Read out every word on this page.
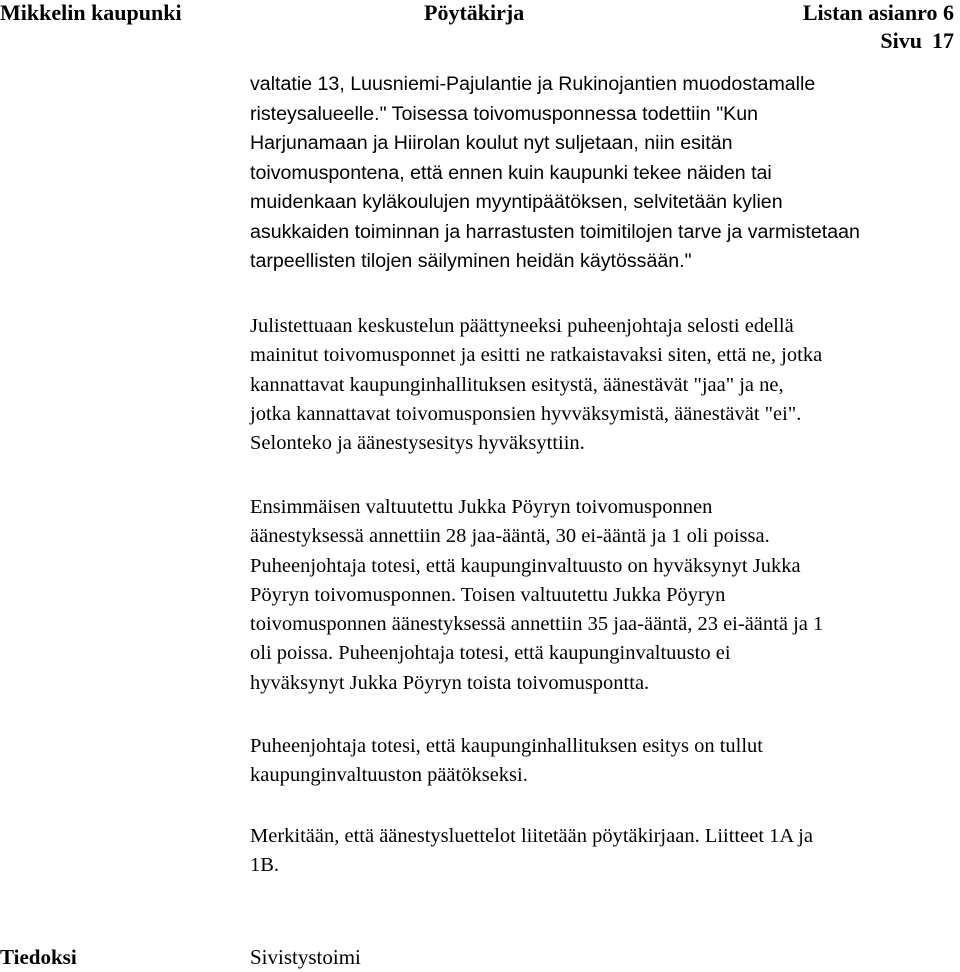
Mikkelin kaupunki	Pöytäkirja	Listan asianro 6
Sivu 17
valtatie 13, Luusniemi-Pajulantie ja Rukinojantien muodostamalle
risteysalueelle." Toisessa toivomusponnessa todettiin "Kun
Harjunamaan ja Hiirolan koulut nyt suljetaan, niin esitän
toivomuspontena, että ennen kuin kaupunki tekee näiden tai
muidenkaan kyläkoulujen myyntipäätöksen, selvitetään kylien
asukkaiden toiminnan ja harrastusten toimitilojen tarve ja varmistetaan
tarpeellisten tilojen säilyminen heidän käytössään."
Julistettuaan keskustelun päättyneeksi puheenjohtaja selosti edellä
mainitut toivomusponnet ja esitti ne ratkaistavaksi siten, että ne, jotka
kannattavat kaupunginhallituksen esitystä, äänestävät "jaa" ja ne,
jotka kannattavat toivomusponsien hyvväksymistä, äänestävät "ei".
Selonteko ja äänestysesitys hyväksyttiin.
Ensimmäisen valtuutettu Jukka Pöyryn toivomusponnen
äänestyksessä annettiin 28 jaa-ääntä, 30 ei-ääntä ja 1 oli poissa.
Puheenjohtaja totesi, että kaupunginvaltuusto on hyväksynyt Jukka
Pöyryn toivomusponnen. Toisen valtuutettu Jukka Pöyryn
toivomusponnen äänestyksessä annettiin 35 jaa-ääntä, 23 ei-ääntä ja 1
oli poissa. Puheenjohtaja totesi, että kaupunginvaltuusto ei
hyväksynyt Jukka Pöyryn toista toivomuspontta.
Puheenjohtaja totesi, että kaupunginhallituksen esitys on tullut
kaupunginvaltuuston päätökseksi.
Merkitään, että äänestysluettelot liitetään pöytäkirjaan. Liitteet 1A ja
1B.
Tiedoksi	Sivistystoimi
